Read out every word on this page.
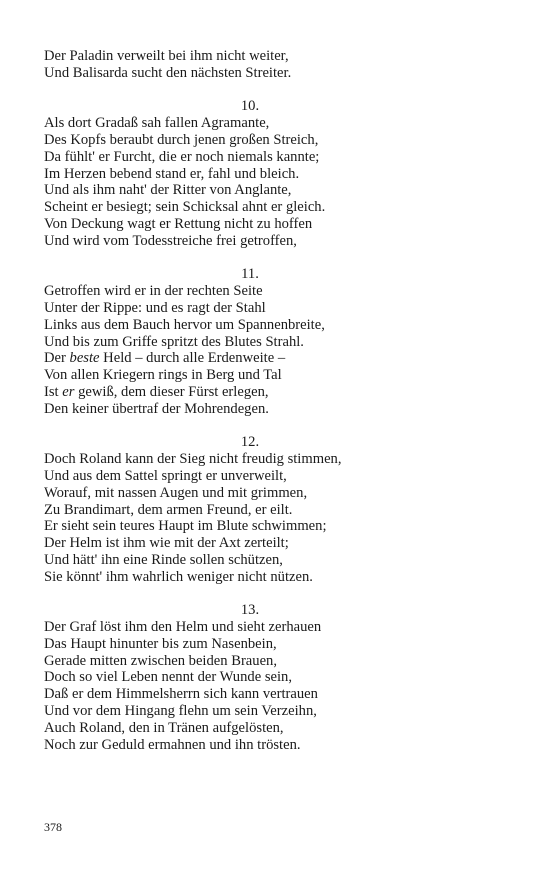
Der Paladin verweilt bei ihm nicht weiter,
Und Balisarda sucht den nächsten Streiter.
10.
Als dort Gradaß sah fallen Agramante,
Des Kopfs beraubt durch jenen großen Streich,
Da fühlt' er Furcht, die er noch niemals kannte;
Im Herzen bebend stand er, fahl und bleich.
Und als ihm naht' der Ritter von Anglante,
Scheint er besiegt; sein Schicksal ahnt er gleich.
Von Deckung wagt er Rettung nicht zu hoffen
Und wird vom Todesstreiche frei getroffen,
11.
Getroffen wird er in der rechten Seite
Unter der Rippe: und es ragt der Stahl
Links aus dem Bauch hervor um Spannenbreite,
Und bis zum Griffe spritzt des Blutes Strahl.
Der beste Held – durch alle Erdenweite –
Von allen Kriegern rings in Berg und Tal
Ist er gewiß, dem dieser Fürst erlegen,
Den keiner übertraf der Mohrendegen.
12.
Doch Roland kann der Sieg nicht freudig stimmen,
Und aus dem Sattel springt er unverweilt,
Worauf, mit nassen Augen und mit grimmen,
Zu Brandimart, dem armen Freund, er eilt.
Er sieht sein teures Haupt im Blute schwimmen;
Der Helm ist ihm wie mit der Axt zerteilt;
Und hätt' ihn eine Rinde sollen schützen,
Sie könnt' ihm wahrlich weniger nicht nützen.
13.
Der Graf löst ihm den Helm und sieht zerhauen
Das Haupt hinunter bis zum Nasenbein,
Gerade mitten zwischen beiden Brauen,
Doch so viel Leben nennt der Wunde sein,
Daß er dem Himmelsherrn sich kann vertrauen
Und vor dem Hingang flehn um sein Verzeihn,
Auch Roland, den in Tränen aufgelösten,
Noch zur Geduld ermahnen und ihn trösten.
378
